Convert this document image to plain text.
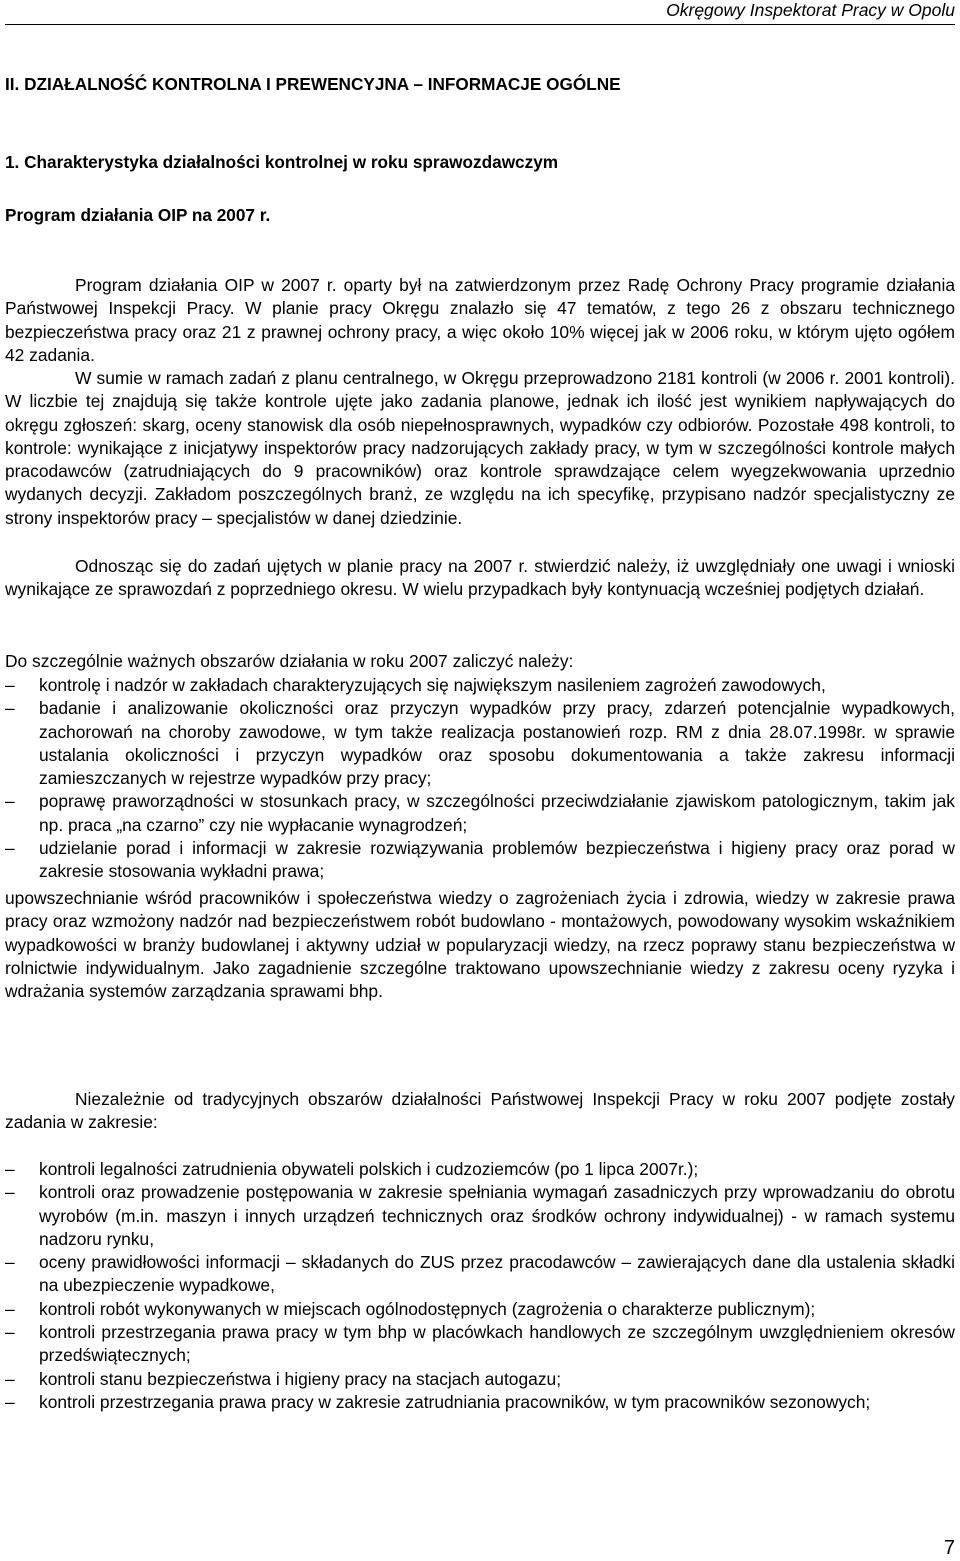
Okręgowy Inspektorat Pracy w Opolu
II. DZIAŁALNOŚĆ KONTROLNA I PREWENCYJNA – INFORMACJE OGÓLNE
1. Charakterystyka działalności kontrolnej w roku sprawozdawczym
Program działania OIP na 2007 r.
Program działania OIP w 2007 r. oparty był na zatwierdzonym przez Radę Ochrony Pracy programie działania Państwowej Inspekcji Pracy. W planie pracy Okręgu znalazło się 47 tematów, z tego 26 z obszaru technicznego bezpieczeństwa pracy oraz 21 z prawnej ochrony pracy, a więc około 10% więcej jak w 2006 roku, w którym ujęto ogółem 42 zadania.
W sumie w ramach zadań z planu centralnego, w Okręgu przeprowadzono 2181 kontroli (w 2006 r. 2001 kontroli). W liczbie tej znajdują się także kontrole ujęte jako zadania planowe, jednak ich ilość jest wynikiem napływających do okręgu zgłoszeń: skarg, oceny stanowisk dla osób niepełnosprawnych, wypadków czy odbiorów. Pozostałe 498 kontroli, to kontrole: wynikające z inicjatywy inspektorów pracy nadzorujących zakłady pracy, w tym w szczególności kontrole małych pracodawców (zatrudniających do 9 pracowników) oraz kontrole sprawdzające celem wyegzekwowania uprzednio wydanych decyzji. Zakładom poszczególnych branż, ze względu na ich specyfikę, przypisano nadzór specjalistyczny ze strony inspektorów pracy – specjalistów w danej dziedzinie.
Odnosząc się do zadań ujętych w planie pracy na 2007 r. stwierdzić należy, iż uwzględniały one uwagi i wnioski wynikające ze sprawozdań z poprzedniego okresu. W wielu przypadkach były kontynuacją wcześniej podjętych działań.
Do szczególnie ważnych obszarów działania w roku 2007 zaliczyć należy:
–	kontrolę i nadzór w zakładach charakteryzujących się największym nasileniem zagrożeń zawodowych,
–	badanie i analizowanie okoliczności oraz przyczyn wypadków przy pracy, zdarzeń potencjalnie wypadkowych, zachorowań na choroby zawodowe, w tym także realizacja postanowień rozp. RM z dnia 28.07.1998r. w sprawie ustalania okoliczności i przyczyn wypadków oraz sposobu dokumentowania a także zakresu informacji zamieszczanych w rejestrze wypadków przy pracy;
–	poprawę praworządności w stosunkach pracy, w szczególności przeciwdziałanie zjawiskom patologicznym, takim jak np. praca „na czarno” czy nie wypłacanie wynagrodzeń;
–	udzielanie porad i informacji w zakresie rozwiązywania problemów bezpieczeństwa i higieny pracy oraz porad w zakresie stosowania wykładni prawa;
upowszechnianie wśród pracowników i społeczeństwa wiedzy o zagrożeniach życia i zdrowia, wiedzy w zakresie prawa pracy oraz wzmożony nadzór nad bezpieczeństwem robót budowlano - montażowych, powodowany wysokim wskaźnikiem wypadkowości w branży budowlanej i aktywny udział w popularyzacji wiedzy, na rzecz poprawy stanu bezpieczeństwa w rolnictwie indywidualnym. Jako zagadnienie szczególne traktowano upowszechnianie wiedzy z zakresu oceny ryzyka i wdrażania systemów zarządzania sprawami bhp.
Niezależnie od tradycyjnych obszarów działalności Państwowej Inspekcji Pracy w roku 2007 podjęte zostały zadania w zakresie:
–	kontroli legalności zatrudnienia obywateli polskich i cudzoziemców (po 1 lipca 2007r.);
–	kontroli oraz prowadzenie postępowania w zakresie spełniania wymagań zasadniczych przy wprowadzaniu do obrotu wyrobów (m.in. maszyn i innych urządzeń technicznych oraz środków ochrony indywidualnej) - w ramach systemu nadzoru rynku,
–	oceny prawidłowości informacji – składanych do ZUS przez pracodawców – zawierających dane dla ustalenia składki na ubezpieczenie wypadkowe,
–	kontroli robót wykonywanych w miejscach ogólnodostępnych (zagrożenia o charakterze publicznym);
–	kontroli przestrzegania prawa pracy w tym bhp w placówkach handlowych ze szczególnym uwzględnieniem okresów przedświątecznych;
–	kontroli stanu bezpieczeństwa i higieny pracy na stacjach autogazu;
–	kontroli przestrzegania prawa pracy w zakresie zatrudniania pracowników, w tym pracowników sezonowych;
7
